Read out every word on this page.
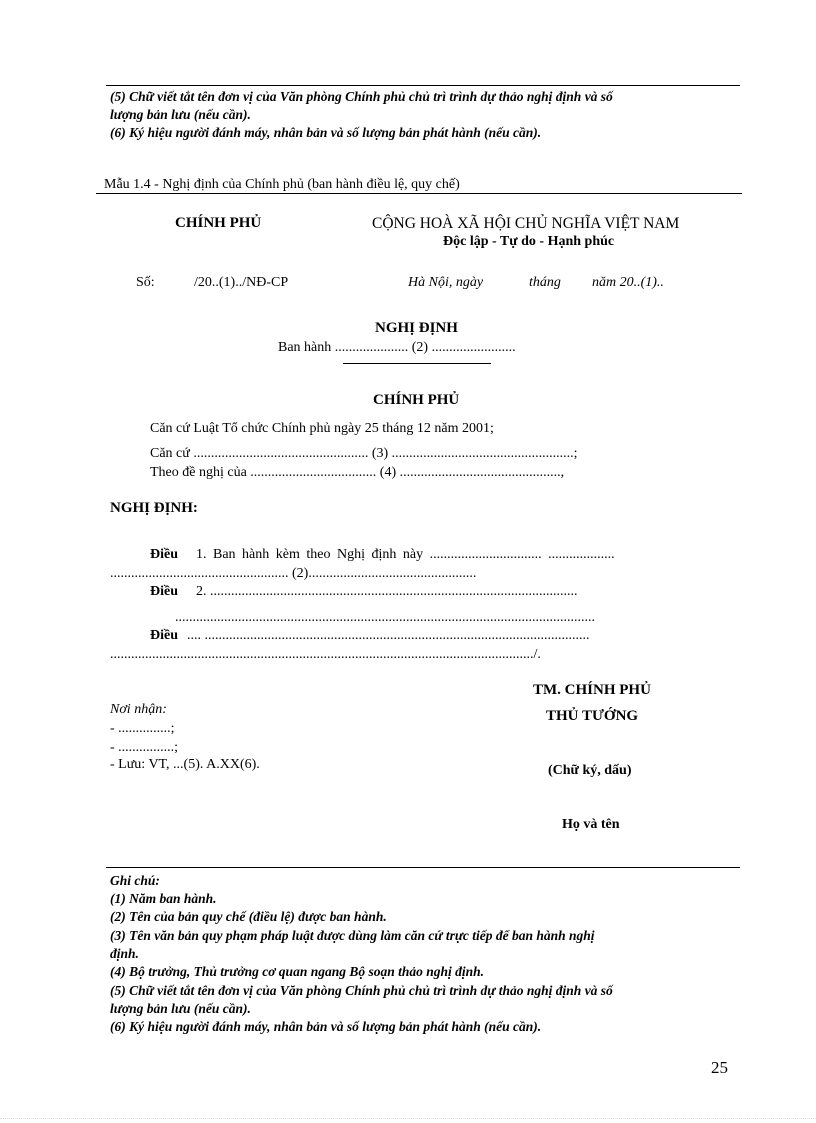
(5) Chữ viết tắt tên đơn vị của Văn phòng Chính phủ chủ trì trình dự thảo nghị định và số
lượng bản lưu (nếu cần).
(6) Ký hiệu người đánh máy, nhân bản và số lượng bản phát hành (nếu cần).
Mẫu 1.4 - Nghị định của Chính phủ (ban hành điều lệ, quy chế)
CHÍNH PHỦ	CỘNG HOÀ XÃ HỘI CHỦ NGHĨA VIỆT NAM
Độc lập - Tự do - Hạnh phúc
Số:	/20..(1)../NĐ-CP	Hà Nội, ngày	tháng năm 20..(1)..
NGHỊ ĐỊNH
Ban hành ..................... (2) ........................
CHÍNH PHỦ
Căn cứ Luật Tổ chức Chính phủ ngày 25 tháng 12 năm 2001;
Căn cứ .................................................. (3) ....................................................;
Theo đề nghị của .................................... (4) ..............................................,
NGHỊ ĐỊNH:
Điều 1. Ban hành kèm theo Nghị định này ................................ ...................
................................................... (2)................................................
Điều 2. .........................................................................................................
........................................................................................................................
Điều .... ..............................................................................................................
........................................................................................................................./.
Nơi nhận:
- ...............;
- ................;
- Lưu: VT, ...(5). A.XX(6).
TM. CHÍNH PHỦ
THỦ TƯỚNG
(Chữ ký, dấu)
Họ và tên
Ghi chú:
(1) Năm ban hành.
(2) Tên của bản quy chế (điều lệ) được ban hành.
(3) Tên văn bản quy phạm pháp luật được dùng làm căn cứ trực tiếp để ban hành nghị
định.
(4) Bộ trưởng, Thủ trưởng cơ quan ngang Bộ soạn thảo nghị định.
(5) Chữ viết tắt tên đơn vị của Văn phòng Chính phủ chủ trì trình dự thảo nghị định và số
lượng bản lưu (nếu cần).
(6) Ký hiệu người đánh máy, nhân bản và số lượng bản phát hành (nếu cần).
25
